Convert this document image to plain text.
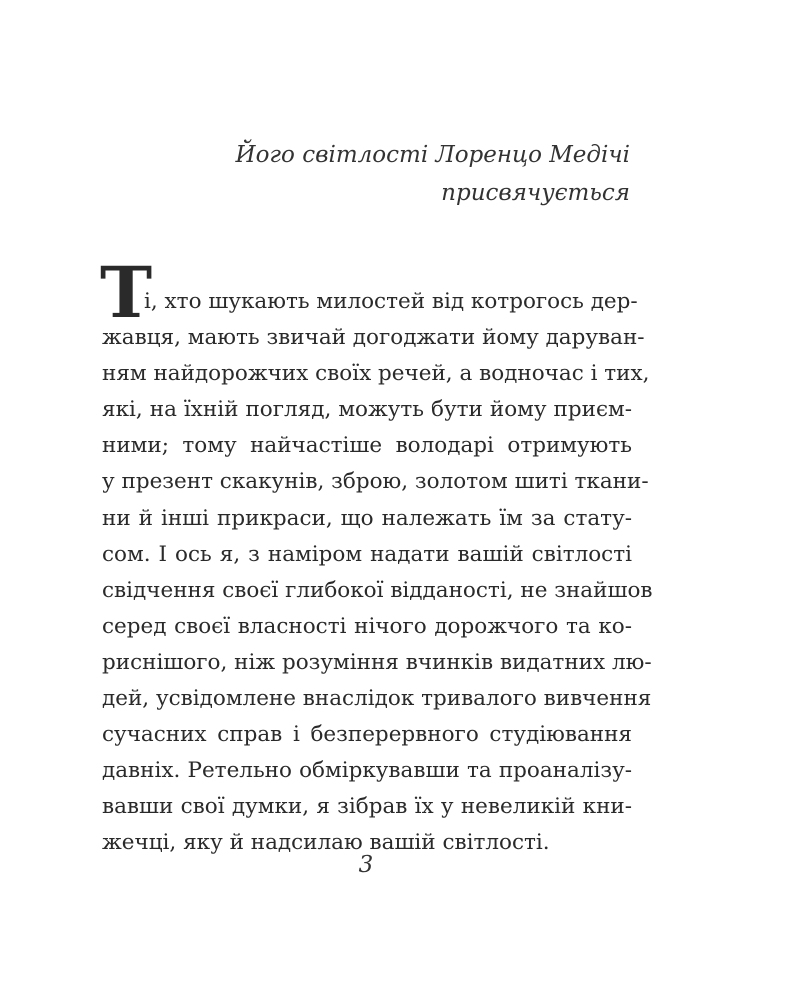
Його світлості Лоренцо Медічі
присвячується
Т
і, хто шукають милостей від котрогось дер-
жавця, мають звичай догоджати йому даруван-
ням найдорожчих своїх речей, а водночас і тих,
які, на їхній погляд, можуть бути йому приєм-
ними; тому найчастіше володарі отримують
у презент скакунів, зброю, золотом шиті ткани-
ни й інші прикраси, що належать їм за стату-
сом. І ось я, з наміром надати вашій світлості
свідчення своєї глибокої відданості, не знайшов
серед своєї власності нічого дорожчого та ко-
риснішого, ніж розуміння вчинків видатних лю-
дей, усвідомлене внаслідок тривалого вивчення
сучасних справ і безперервного студіювання
давніх. Ретельно обміркувавши та проаналізу-
вавши свої думки, я зібрав їх у невеликій кни-
жечці, яку й надсилаю вашій світлості.
3
